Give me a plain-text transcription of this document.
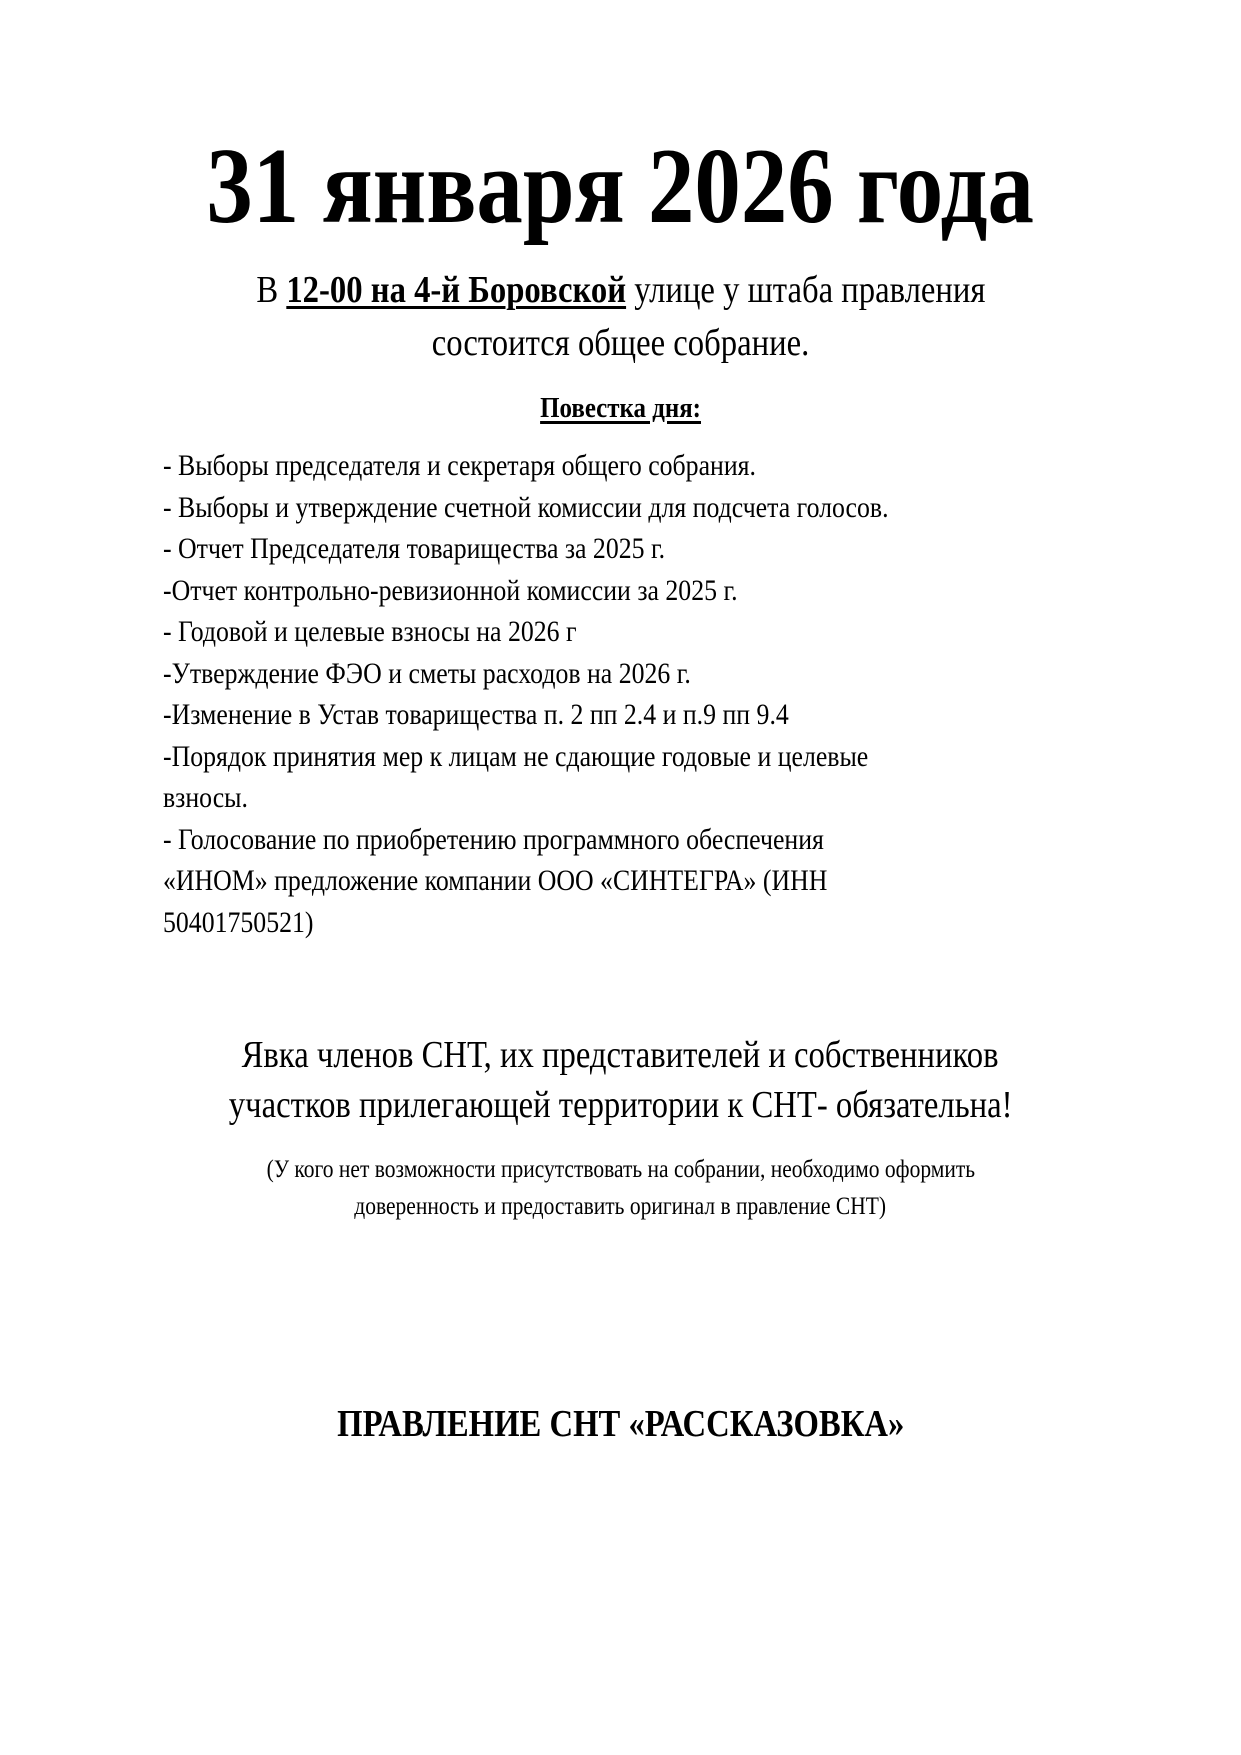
31 января 2026 года
В 12-00 на 4-й Боровской улице у штаба правления
состоится общее собрание.
Повестка дня:
- Выборы председателя и секретаря общего собрания.
- Выборы и утверждение счетной комиссии для подсчета голосов.
- Отчет Председателя товарищества за 2025 г.
-Отчет контрольно-ревизионной комиссии за 2025 г.
- Годовой и целевые взносы на 2026 г
-Утверждение ФЭО и сметы расходов на 2026 г.
-Изменение в Устав товарищества п. 2 пп 2.4 и п.9 пп 9.4
-Порядок принятия мер к лицам не сдающие годовые и целевые
взносы.
- Голосование по приобретению программного обеспечения
«ИНОМ» предложение компании ООО «СИНТЕГРА» (ИНН
50401750521)
Явка членов СНТ, их представителей и собственников
участков прилегающей территории к СНТ- обязательна!
(У кого нет возможности присутствовать на собрании, необходимо оформить
доверенность и предоставить оригинал в правление СНТ)
ПРАВЛЕНИЕ СНТ «РАССКАЗОВКА»
